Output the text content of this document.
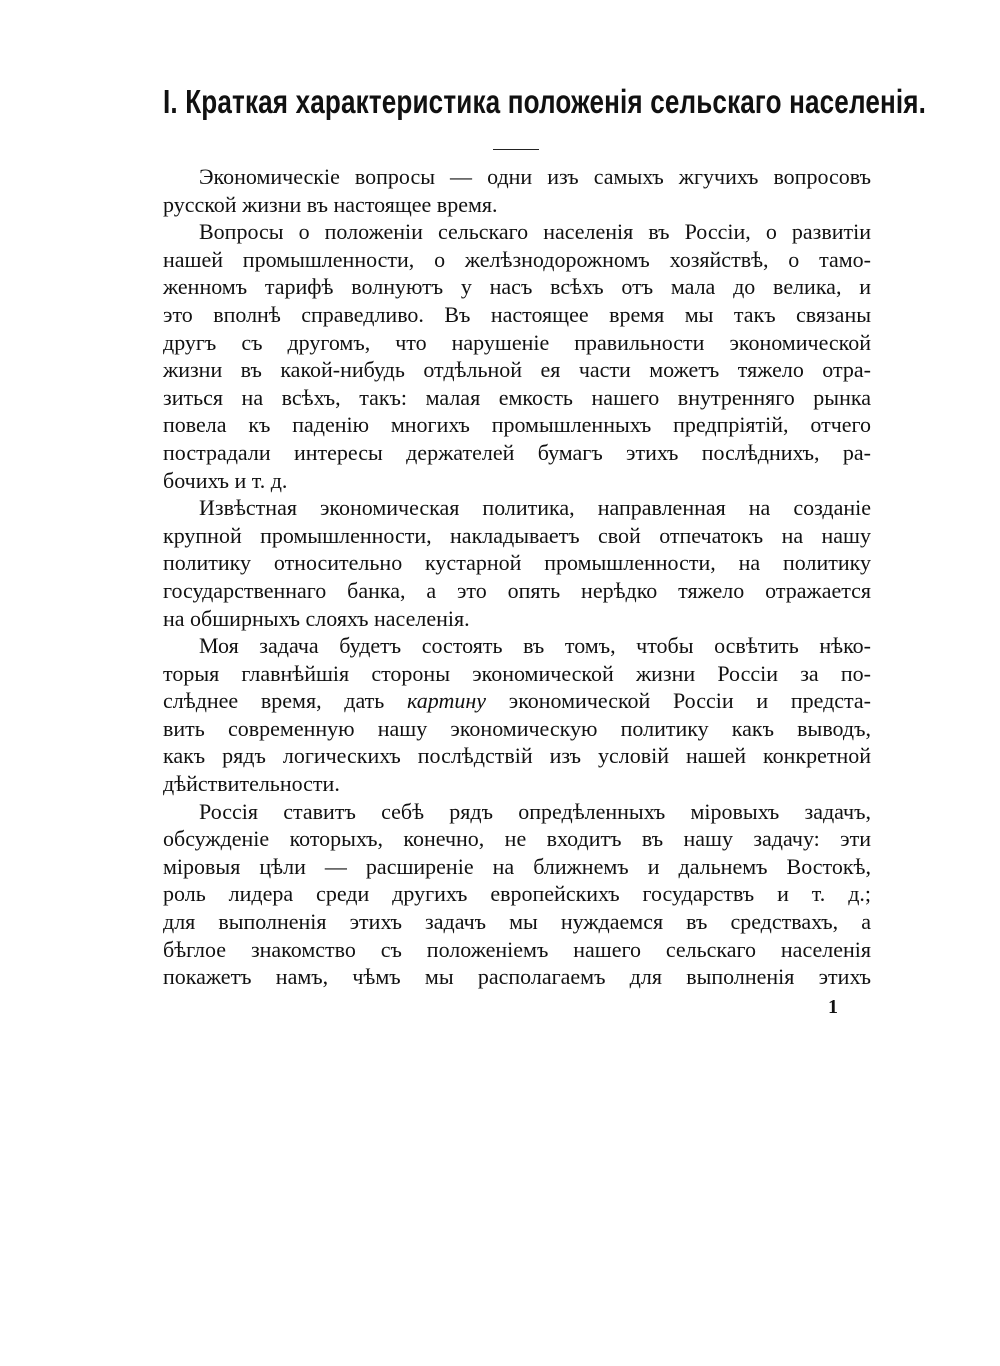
I. Краткая характеристика положенія сельскаго населенія.
Экономическіе вопросы — одни изъ самыхъ жгучихъ вопросовъ
русской жизни въ настоящее время.
Вопросы о положеніи сельскаго населенія въ Россіи, о развитіи
нашей промышленности, о желѣзнодорожномъ хозяйствѣ, о тамо-
женномъ тарифѣ волнуютъ у насъ всѣхъ отъ мала до велика, и
это вполнѣ справедливо. Въ настоящее время мы такъ связаны
другъ съ другомъ, что нарушеніе правильности экономической
жизни въ какой-нибудь отдѣльной ея части можетъ тяжело отра-
зиться на всѣхъ, такъ: малая емкость нашего внутренняго рынка
повела къ паденію многихъ промышленныхъ предпріятій, отчего
пострадали интересы держателей бумагъ этихъ послѣднихъ, ра-
бочихъ и т. д.
Извѣстная экономическая политика, направленная на созданіе
крупной промышленности, накладываетъ свой отпечатокъ на нашу
политику относительно кустарной промышленности, на политику
государственнаго банка, а это опять нерѣдко тяжело отражается
на обширныхъ слояхъ населенія.
Моя задача будетъ состоять въ томъ, чтобы освѣтить нѣко-
торыя главнѣйшія стороны экономической жизни Россіи за по-
слѣднее время, дать картину экономической Россіи и предста-
вить современную нашу экономическую политику какъ выводъ,
какъ рядъ логическихъ послѣдствій изъ условій нашей конкретной
дѣйствительности.
Россія ставитъ себѣ рядъ опредѣленныхъ міровыхъ задачъ,
обсужденіе которыхъ, конечно, не входитъ въ нашу задачу: эти
міровыя цѣли — расширеніе на ближнемъ и дальнемъ Востокѣ,
роль лидера среди другихъ европейскихъ государствъ и т. д.;
для выполненія этихъ задачъ мы нуждаемся въ средствахъ, а
бѣглое знакомство съ положеніемъ нашего сельскаго населенія
покажетъ намъ, чѣмъ мы располагаемъ для выполненія этихъ
1
